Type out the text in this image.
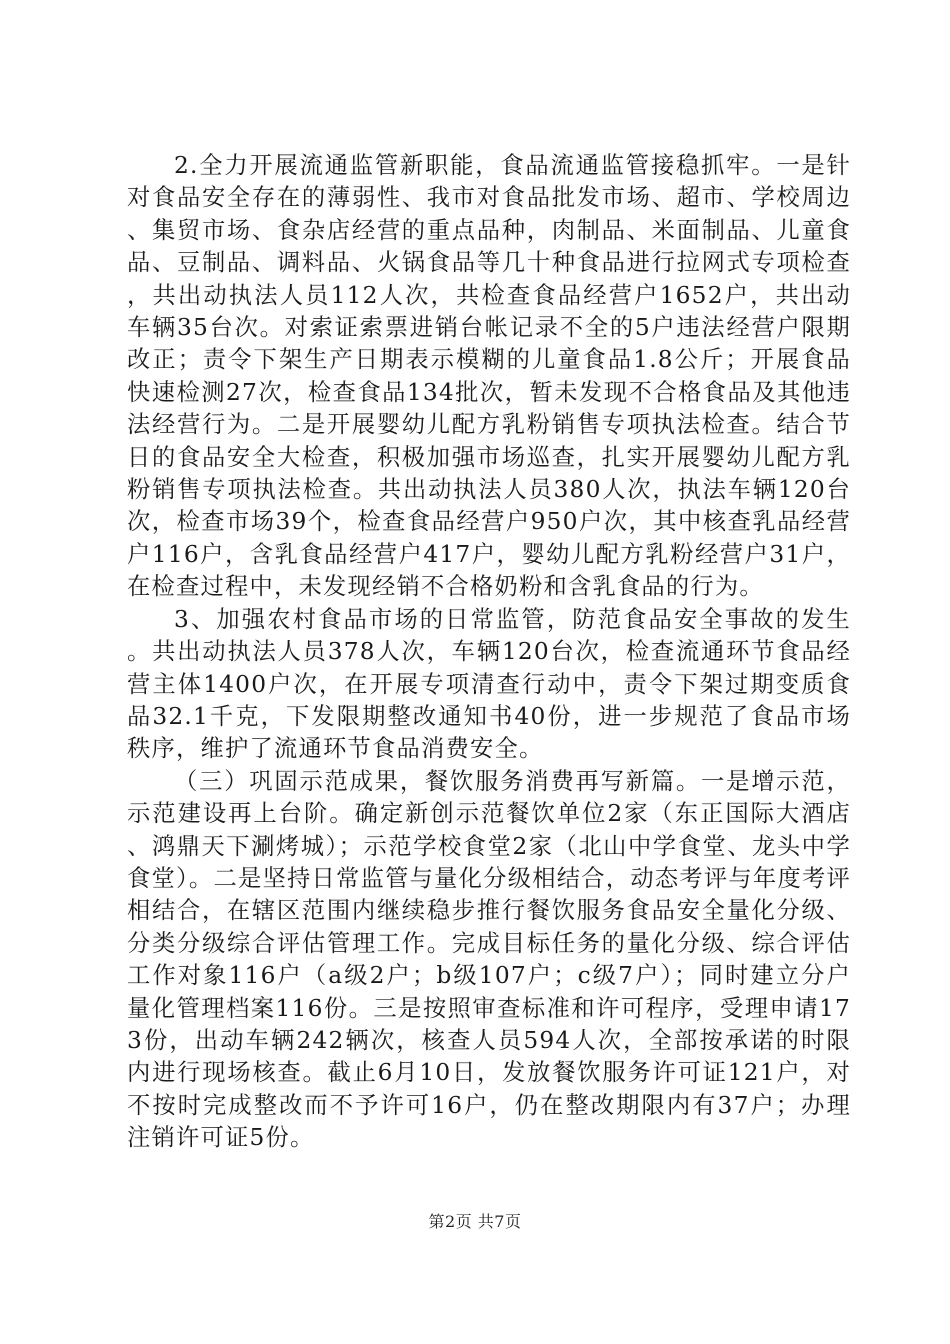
2.全力开展流通监管新职能，食品流通监管接稳抓牢。一是针对食品安全存在的薄弱性、我市对食品批发市场、超市、学校周边、集贸市场、食杂店经营的重点品种，肉制品、米面制品、儿童食品、豆制品、调料品、火锅食品等几十种食品进行拉网式专项检查，共出动执法人员112人次，共检查食品经营户1652户，共出动车辆35台次。对索证索票进销台帐记录不全的5户违法经营户限期改正；责令下架生产日期表示模糊的儿童食品1.8公斤；开展食品快速检测27次，检查食品134批次，暂未发现不合格食品及其他违法经营行为。二是开展婴幼儿配方乳粉销售专项执法检查。结合节日的食品安全大检查，积极加强市场巡查，扎实开展婴幼儿配方乳粉销售专项执法检查。共出动执法人员380人次，执法车辆120台次，检查市场39个，检查食品经营户950户次，其中核查乳品经营户116户，含乳食品经营户417户，婴幼儿配方乳粉经营户31户，在检查过程中，未发现经销不合格奶粉和含乳食品的行为。

3、加强农村食品市场的日常监管，防范食品安全事故的发生。共出动执法人员378人次，车辆120台次，检查流通环节食品经营主体1400户次，在开展专项清查行动中，责令下架过期变质食品32.1千克，下发限期整改通知书40份，进一步规范了食品市场秩序，维护了流通环节食品消费安全。

（三）巩固示范成果，餐饮服务消费再写新篇。一是增示范，示范建设再上台阶。确定新创示范餐饮单位2家（东正国际大酒店、鸿鼎天下涮烤城）；示范学校食堂2家（北山中学食堂、龙头中学食堂）。二是坚持日常监管与量化分级相结合，动态考评与年度考评相结合，在辖区范围内继续稳步推行餐饮服务食品安全量化分级、分类分级综合评估管理工作。完成目标任务的量化分级、综合评估工作对象116户（a级2户；b级107户；c级7户）；同时建立分户量化管理档案116份。三是按照审查标准和许可程序，受理申请173份，出动车辆242辆次，核查人员594人次，全部按承诺的时限内进行现场核查。截止6月10日，发放餐饮服务许可证121户，对不按时完成整改而不予许可16户，仍在整改期限内有37户；办理注销许可证5份。

第2页 共7页
